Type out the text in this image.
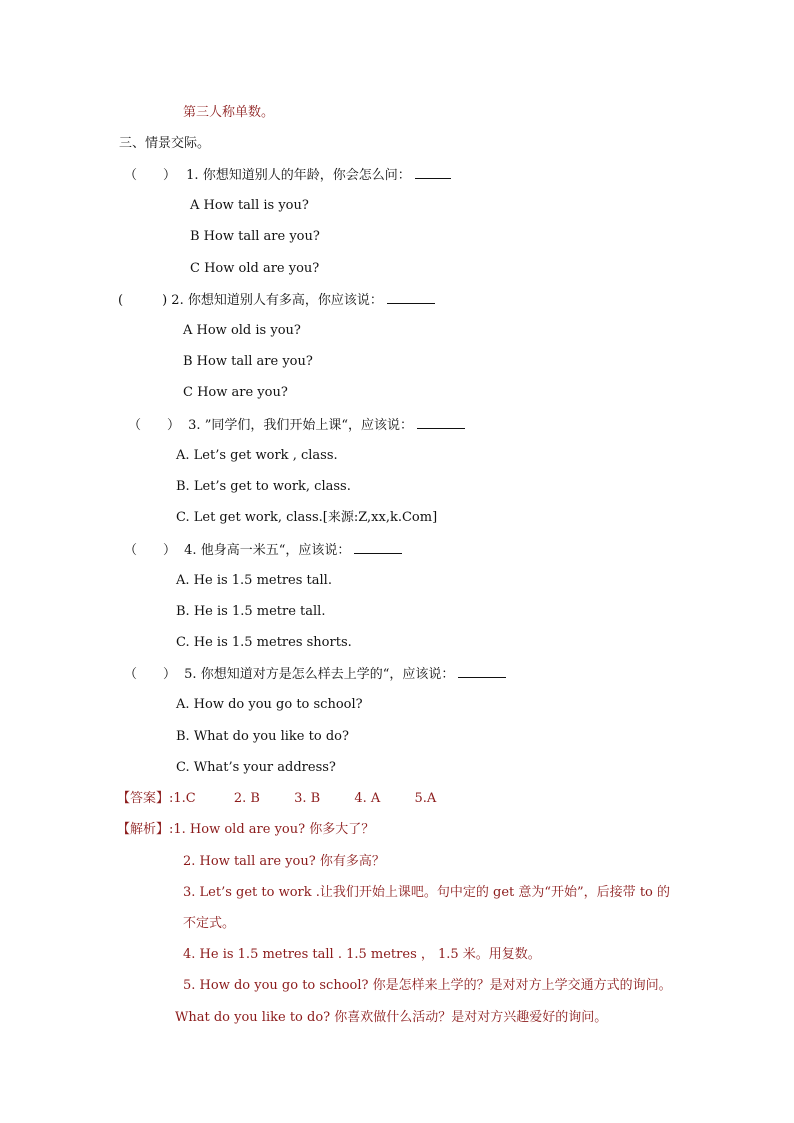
第三人称单数。
三、情景交际。
（　　） 1. 你想知道别人的年龄，你会怎么问：
A How tall is you?
B How tall are you?
C How old are you?
(　　　) 2. 你想知道别人有多高，你应该说：
A How old is you?
B How tall are you?
C How are you?
（　　） 3. ”同学们，我们开始上课“，应该说：
A. Let’s get work , class.
B. Let’s get to work, class.
C. Let get work, class.[来源:Z,xx,k.Com]
（　　） 4. 他身高一米五“，应该说：
A. He is 1.5 metres tall.
B. He is 1.5 metre tall.
C. He is 1.5 metres shorts.
（　　） 5. 你想知道对方是怎么样去上学的“，应该说：
A. How do you go to school?
B. What do you like to do?
C. What’s your address?
【答案】:1.C	2. B	3. B	4. A	5.A
【解析】:1. How old are you? 你多大了？
2. How tall are you? 你有多高？
3. Let’s get to work .让我们开始上课吧。句中定的 get 意为“开始”，后接带 to 的
不定式。
4. He is 1.5 metres tall . 1.5 metres ， 1.5 米。用复数。
5. How do you go to school? 你是怎样来上学的？是对对方上学交通方式的询问。
What do you like to do? 你喜欢做什么活动？是对对方兴趣爱好的询问。
